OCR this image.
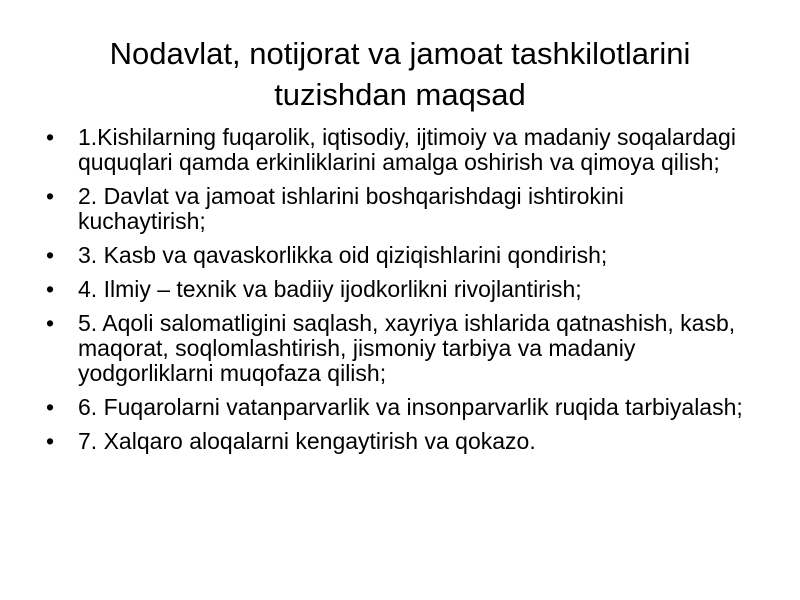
Nodavlat, notijorat va jamoat tashkilotlarini tuzishdan maqsad
•	1.Kishilarning fuqarolik, iqtisodiy, ijtimoiy va madaniy soqalardagi ququqlari qamda erkinliklarini amalga oshirish va qimoya qilish;
•	2. Davlat va jamoat ishlarini boshqarishdagi ishtirokini kuchaytirish;
•	3. Kasb va qavaskorlikka oid qiziqishlarini qondirish;
•	4. Ilmiy – texnik va badiiy ijodkorlikni rivojlantirish;
•	5. Aqoli salomatligini saqlash, xayriya ishlarida qatnashish, kasb, maqorat, soqlomlashtirish, jismoniy tarbiya va madaniy yodgorliklarni muqofaza qilish;
•	6. Fuqarolarni vatanparvarlik va insonparvarlik ruqida tarbiyalash;
•	7. Xalqaro aloqalarni kengaytirish va qokazo.
